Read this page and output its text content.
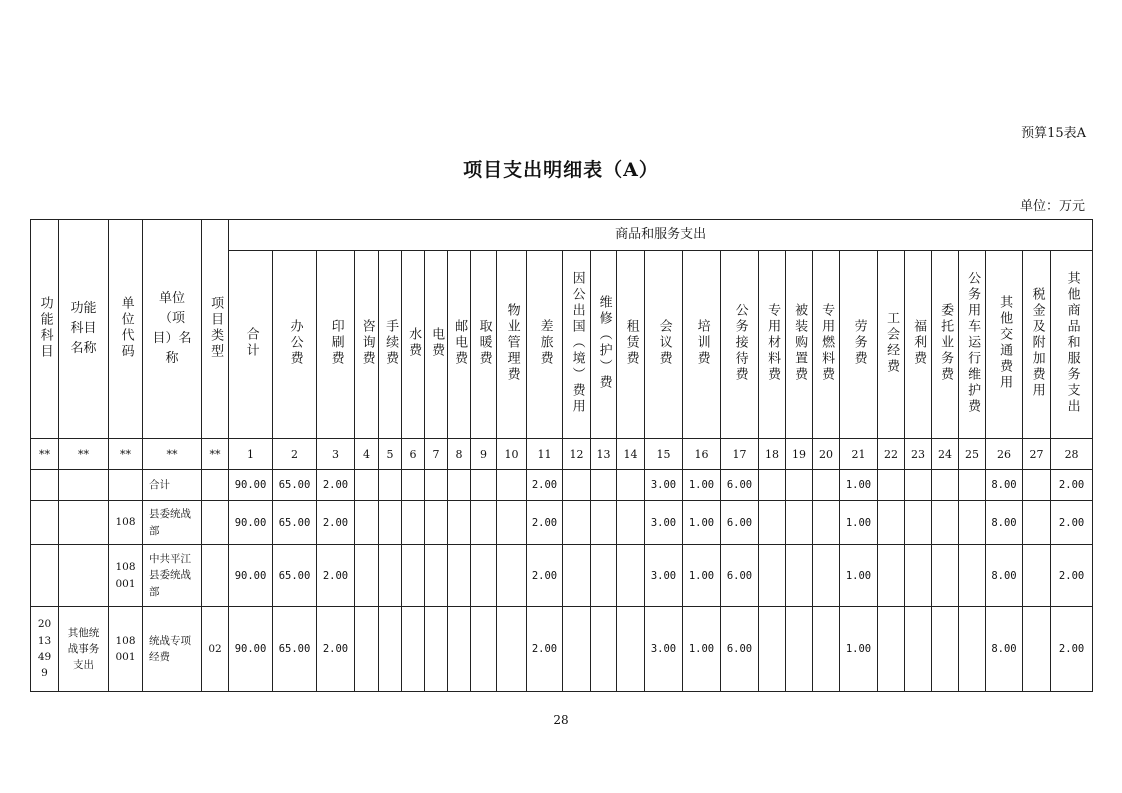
预算15表A
项目支出明细表（A）
单位：万元
功能科目	功能科目名称	单位代码	单位（项目）名称	项目类型	商品和服务支出																											
					合计	办公费	印刷费	咨询费	手续费	水费	电费	邮电费	取暖费	物业管理费	差旅费	因公出国（境）费用	维修（护）费	租赁费	会议费	培训费	公务接待费	专用材料费	被装购置费	专用燃料费	劳务费	工会经费	福利费	委托业务费	公务用车运行维护费	其他交通费用	税金及附加费用	其他商品和服务支出
**	**	**	**	**	1	2	3	4	5	6	7	8	9	10	11	12	13	14	15	16	17	18	19	20	21	22	23	24	25	26	27	28

			合计		90.00	65.00	2.00								2.00				3.00	1.00	6.00				1.00					8.00		2.00

		108	县委统战部		90.00	65.00	2.00								2.00				3.00	1.00	6.00				1.00					8.00		2.00

		108001	中共平江县委统战部		90.00	65.00	2.00								2.00				3.00	1.00	6.00				1.00					8.00		2.00

2013499	其他统战事务支出	108001	统战专项经费	02	90.00	65.00	2.00								2.00				3.00	1.00	6.00				1.00					8.00		2.00
28
